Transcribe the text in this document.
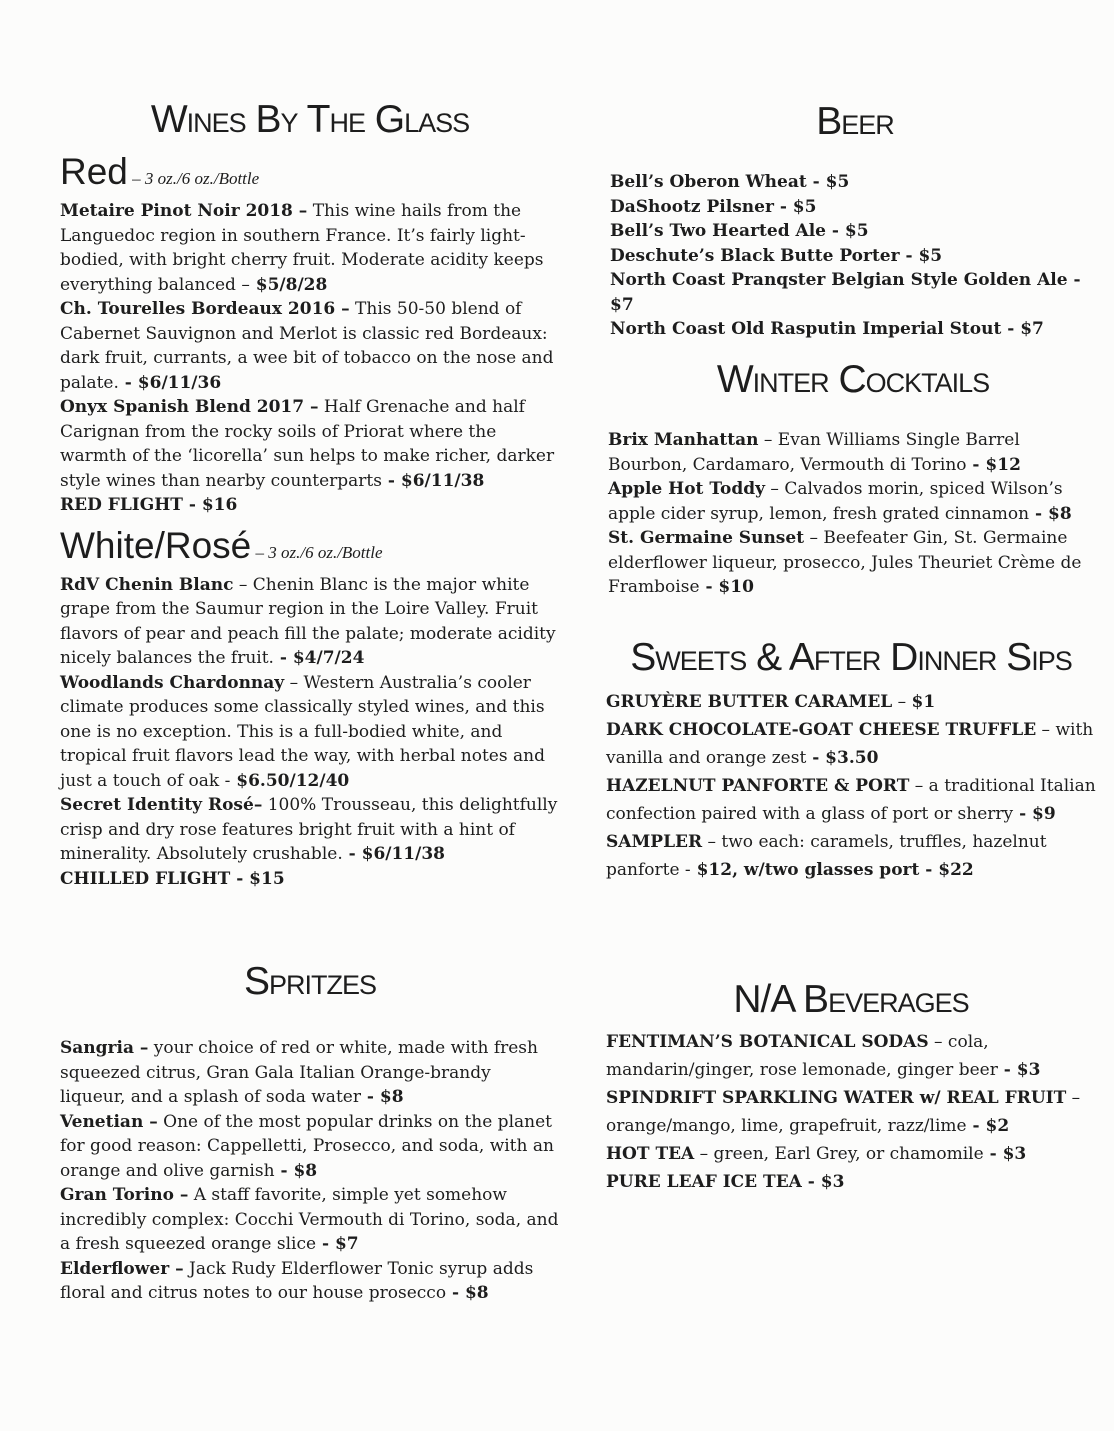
Wines By The Glass

Red – 3 oz./6 oz./Bottle

Metaire Pinot Noir 2018 – This wine hails from the Languedoc region in southern France. It’s fairly light-bodied, with bright cherry fruit. Moderate acidity keeps everything balanced – $5/8/28

Ch. Tourelles Bordeaux 2016 – This 50-50 blend of Cabernet Sauvignon and Merlot is classic red Bordeaux: dark fruit, currants, a wee bit of tobacco on the nose and palate. - $6/11/36

Onyx Spanish Blend 2017 – Half Grenache and half Carignan from the rocky soils of Priorat where the warmth of the ‘licorella’ sun helps to make richer, darker style wines than nearby counterparts - $6/11/38

RED FLIGHT - $16

White/Rosé – 3 oz./6 oz./Bottle

RdV Chenin Blanc – Chenin Blanc is the major white grape from the Saumur region in the Loire Valley. Fruit flavors of pear and peach fill the palate; moderate acidity nicely balances the fruit. - $4/7/24

Woodlands Chardonnay – Western Australia’s cooler climate produces some classically styled wines, and this one is no exception. This is a full-bodied white, and tropical fruit flavors lead the way, with herbal notes and just a touch of oak - $6.50/12/40

Secret Identity Rosé– 100% Trousseau, this delightfully crisp and dry rose features bright fruit with a hint of minerality. Absolutely crushable. - $6/11/38

CHILLED FLIGHT - $15

Spritzes

Sangria – your choice of red or white, made with fresh squeezed citrus, Gran Gala Italian Orange-brandy liqueur, and a splash of soda water - $8

Venetian – One of the most popular drinks on the planet for good reason: Cappelletti, Prosecco, and soda, with an orange and olive garnish - $8

Gran Torino – A staff favorite, simple yet somehow incredibly complex: Cocchi Vermouth di Torino, soda, and a fresh squeezed orange slice - $7

Elderflower – Jack Rudy Elderflower Tonic syrup adds floral and citrus notes to our house prosecco - $8

Beer

Bell’s Oberon Wheat - $5

DaShootz Pilsner - $5

Bell’s Two Hearted Ale - $5

Deschute’s Black Butte Porter - $5

North Coast Pranqster Belgian Style Golden Ale - $7

North Coast Old Rasputin Imperial Stout - $7

Winter Cocktails

Brix Manhattan – Evan Williams Single Barrel Bourbon, Cardamaro, Vermouth di Torino - $12

Apple Hot Toddy – Calvados morin, spiced Wilson’s apple cider syrup, lemon, fresh grated cinnamon - $8

St. Germaine Sunset – Beefeater Gin, St. Germaine elderflower liqueur, prosecco, Jules Theuriet Crème de Framboise - $10

Sweets & After Dinner Sips

GRUYÈRE BUTTER CARAMEL – $1

DARK CHOCOLATE-GOAT CHEESE TRUFFLE – with vanilla and orange zest - $3.50

HAZELNUT PANFORTE & PORT – a traditional Italian confection paired with a glass of port or sherry - $9

SAMPLER – two each: caramels, truffles, hazelnut panforte - $12, w/two glasses port - $22

N/A Beverages

FENTIMAN’S BOTANICAL SODAS – cola, mandarin/ginger, rose lemonade, ginger beer - $3

SPINDRIFT SPARKLING WATER w/ REAL FRUIT – orange/mango, lime, grapefruit, razz/lime - $2

HOT TEA – green, Earl Grey, or chamomile - $3

PURE LEAF ICE TEA - $3
